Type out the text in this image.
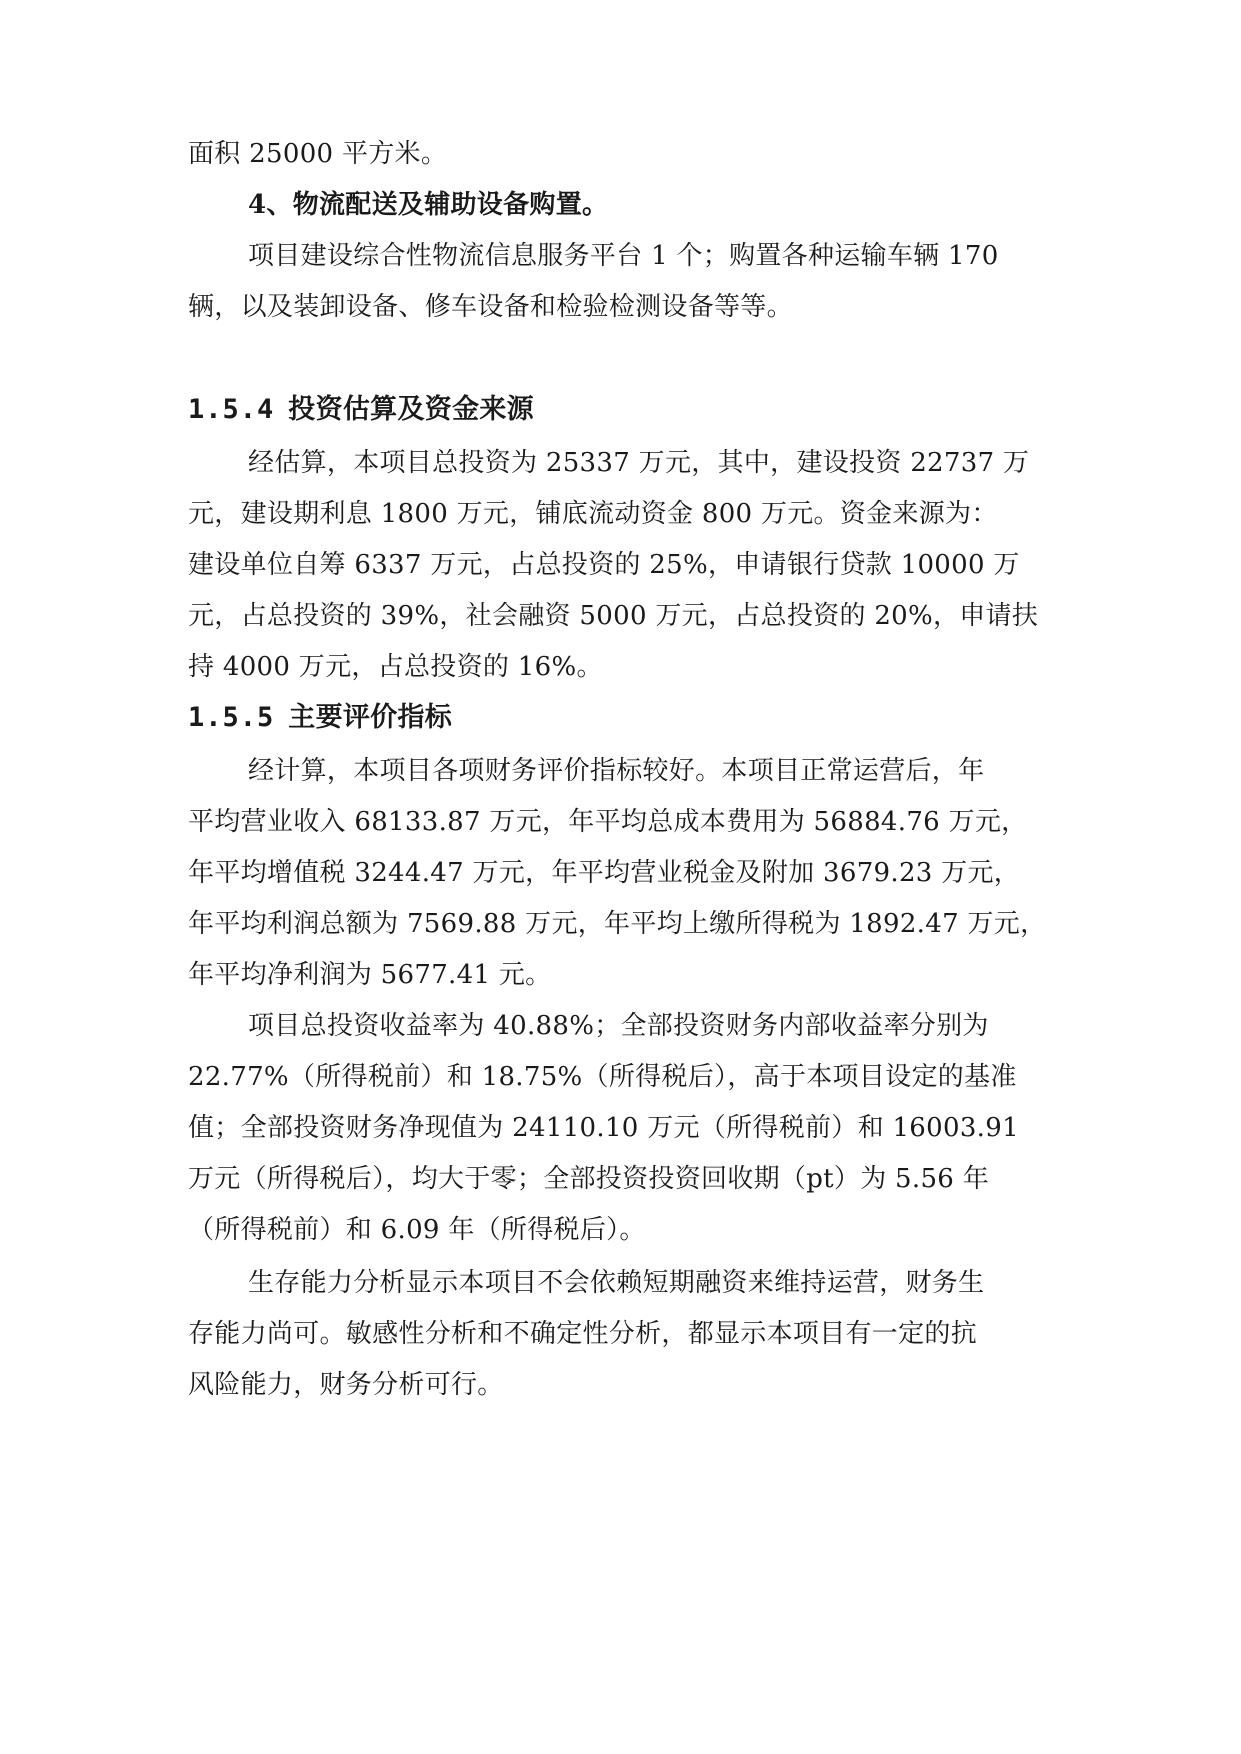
面积 25000 平方米。
4、物流配送及辅助设备购置。
项目建设综合性物流信息服务平台 1 个；购置各种运输车辆 170
辆，以及装卸设备、修车设备和检验检测设备等等。
1.5.4 投资估算及资金来源
经估算，本项目总投资为 25337 万元，其中，建设投资 22737 万
元，建设期利息 1800 万元，铺底流动资金 800 万元。资金来源为：
建设单位自筹 6337 万元，占总投资的 25%，申请银行贷款 10000 万
元，占总投资的 39%，社会融资 5000 万元，占总投资的 20%，申请扶
持 4000 万元，占总投资的 16%。
1.5.5 主要评价指标
经计算，本项目各项财务评价指标较好。本项目正常运营后，年
平均营业收入 68133.87 万元，年平均总成本费用为 56884.76 万元，
年平均增值税 3244.47 万元，年平均营业税金及附加 3679.23 万元，
年平均利润总额为 7569.88 万元，年平均上缴所得税为 1892.47 万元，
年平均净利润为 5677.41 元。
项目总投资收益率为 40.88%；全部投资财务内部收益率分别为
22.77%（所得税前）和 18.75%（所得税后），高于本项目设定的基准
值；全部投资财务净现值为 24110.10 万元（所得税前）和 16003.91
万元（所得税后），均大于零；全部投资投资回收期（pt）为 5.56 年
（所得税前）和 6.09 年（所得税后）。
生存能力分析显示本项目不会依赖短期融资来维持运营，财务生
存能力尚可。敏感性分析和不确定性分析，都显示本项目有一定的抗
风险能力，财务分析可行。
